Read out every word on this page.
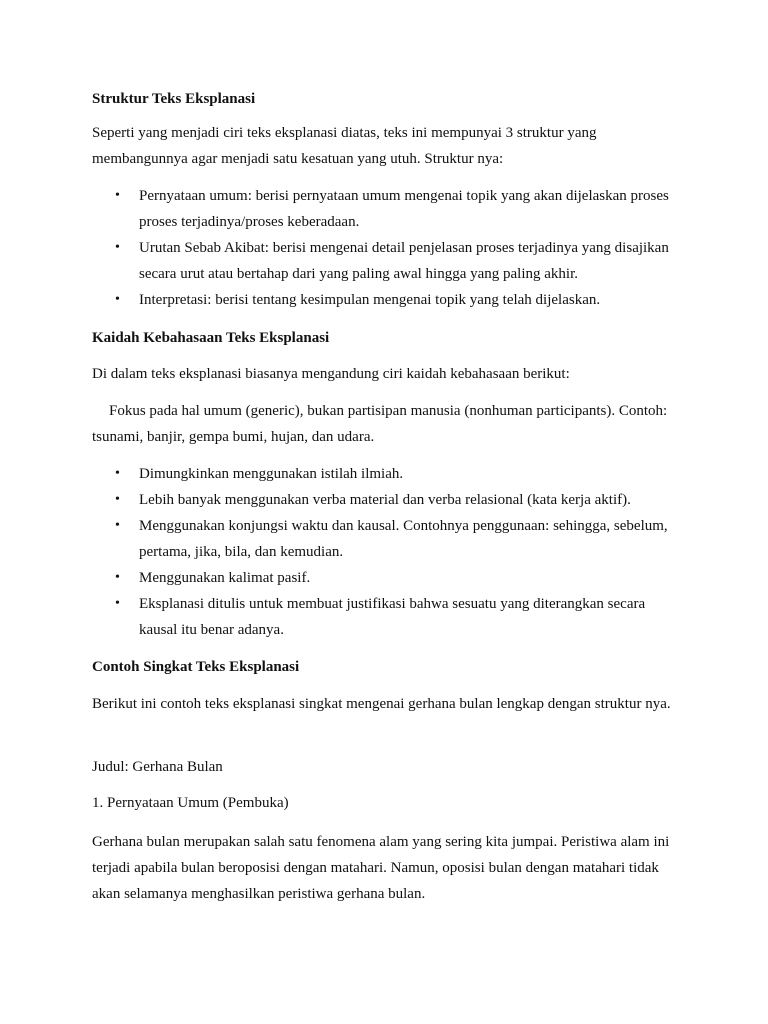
Struktur Teks Eksplanasi

Seperti yang menjadi ciri teks eksplanasi diatas, teks ini mempunyai 3 struktur yang membangunnya agar menjadi satu kesatuan yang utuh. Struktur nya:

• Pernyataan umum: berisi pernyataan umum mengenai topik yang akan dijelaskan proses proses terjadinya/proses keberadaan.
• Urutan Sebab Akibat: berisi mengenai detail penjelasan proses terjadinya yang disajikan secara urut atau bertahap dari yang paling awal hingga yang paling akhir.
• Interpretasi: berisi tentang kesimpulan mengenai topik yang telah dijelaskan.

Kaidah Kebahasaan Teks Eksplanasi

Di dalam teks eksplanasi biasanya mengandung ciri kaidah kebahasaan berikut:

Fokus pada hal umum (generic), bukan partisipan manusia (nonhuman participants). Contoh: tsunami, banjir, gempa bumi, hujan, dan udara.

• Dimungkinkan menggunakan istilah ilmiah.
• Lebih banyak menggunakan verba material dan verba relasional (kata kerja aktif).
• Menggunakan konjungsi waktu dan kausal. Contohnya penggunaan: sehingga, sebelum, pertama, jika, bila, dan kemudian.
• Menggunakan kalimat pasif.
• Eksplanasi ditulis untuk membuat justifikasi bahwa sesuatu yang diterangkan secara kausal itu benar adanya.

Contoh Singkat Teks Eksplanasi

Berikut ini contoh teks eksplanasi singkat mengenai gerhana bulan lengkap dengan struktur nya.

Judul: Gerhana Bulan

1. Pernyataan Umum (Pembuka)

Gerhana bulan merupakan salah satu fenomena alam yang sering kita jumpai. Peristiwa alam ini terjadi apabila bulan beroposisi dengan matahari. Namun, oposisi bulan dengan matahari tidak akan selamanya menghasilkan peristiwa gerhana bulan.
